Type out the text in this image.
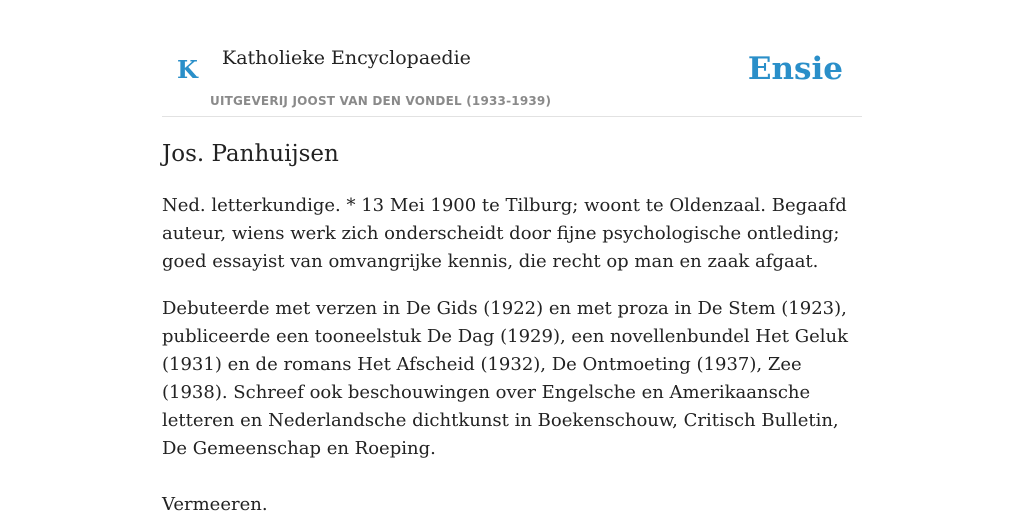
K Katholieke Encyclopaedie
UITGEVERIJ JOOST VAN DEN VONDEL (1933-1939)
Ensie
Jos. Panhuijsen

Ned. letterkundige. * 13 Mei 1900 te Tilburg; woont te Oldenzaal. Begaafd auteur, wiens werk zich onderscheidt door fijne psychologische ontleding; goed essayist van omvangrijke kennis, die recht op man en zaak afgaat.

Debuteerde met verzen in De Gids (1922) en met proza in De Stem (1923), publiceerde een tooneelstuk De Dag (1929), een novellenbundel Het Geluk (1931) en de romans Het Afscheid (1932), De Ontmoeting (1937), Zee (1938). Schreef ook beschouwingen over Engelsche en Amerikaansche letteren en Nederlandsche dichtkunst in Boekenschouw, Critisch Bulletin, De Gemeenschap en Roeping.

Vermeeren.
